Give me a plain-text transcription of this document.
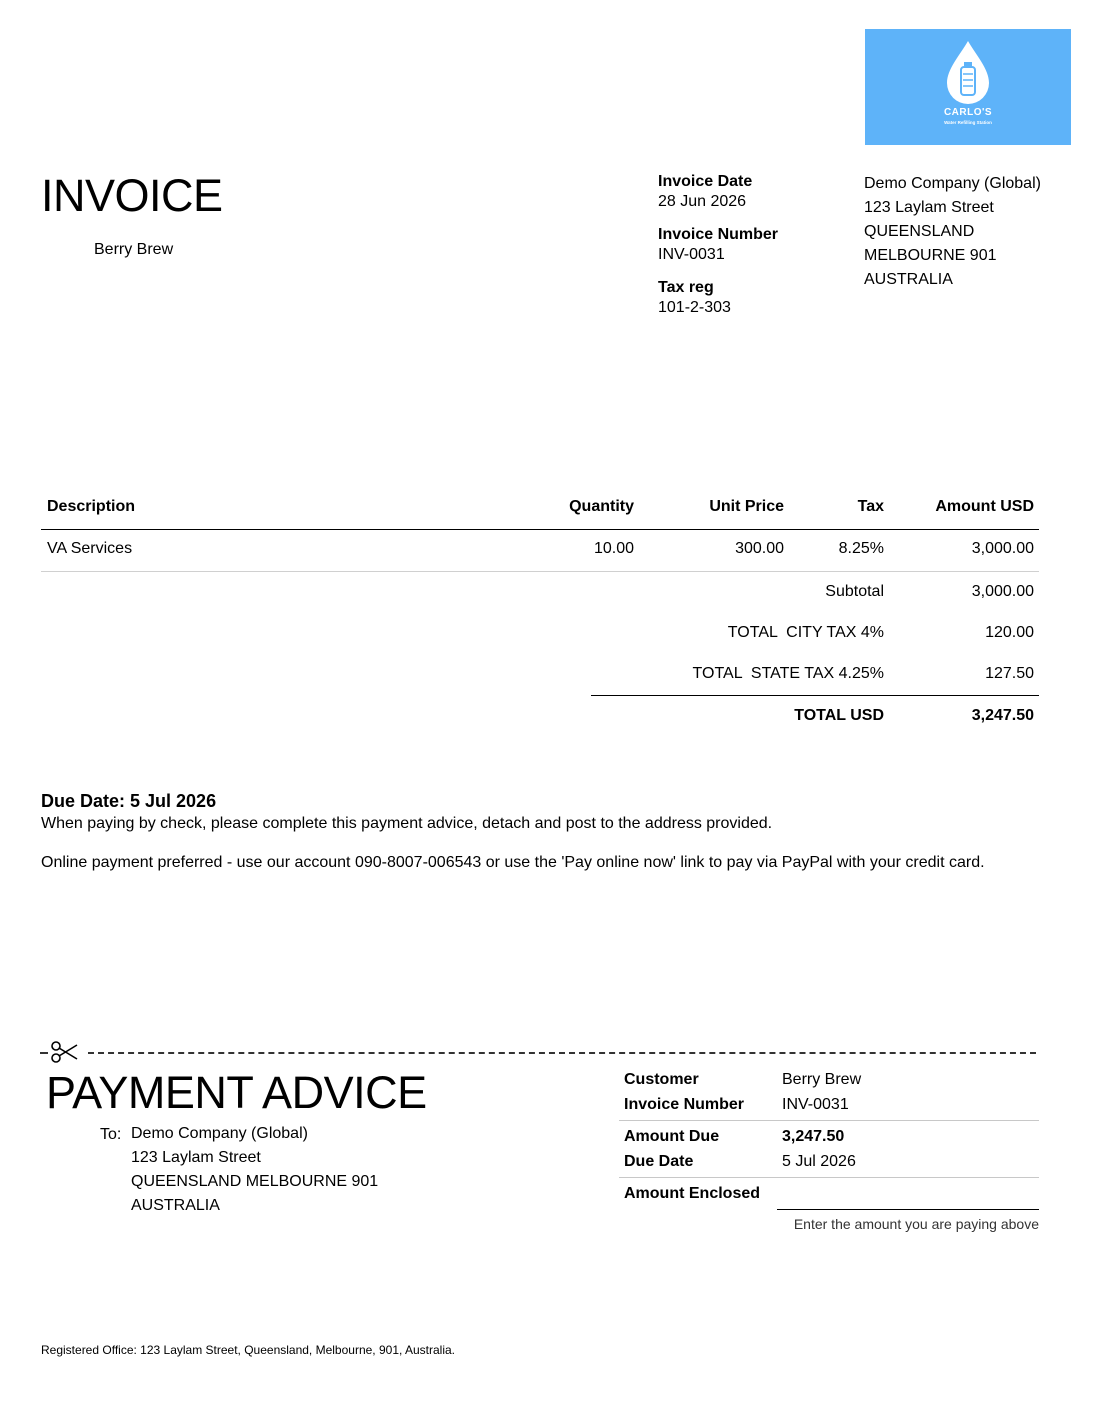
CARLO'S
Water Refilling Station
INVOICE
Berry Brew
Invoice Date
28 Jun 2026
Invoice Number
INV-0031
Tax reg
101-2-303
Demo Company (Global)
123 Laylam Street
QUEENSLAND
MELBOURNE 901
AUSTRALIA
Description	Quantity	Unit Price	Tax	Amount USD
VA Services	10.00	300.00	8.25%	3,000.00
Subtotal	3,000.00
TOTAL  CITY TAX 4%	120.00
TOTAL  STATE TAX 4.25%	127.50
TOTAL USD	3,247.50
Due Date: 5 Jul 2026
When paying by check, please complete this payment advice, detach and post to the address provided.
Online payment preferred - use our account 090-8007-006543 or use the 'Pay online now' link to pay via PayPal with your credit card.
PAYMENT ADVICE
To: Demo Company (Global)
123 Laylam Street
QUEENSLAND MELBOURNE 901
AUSTRALIA
Customer	Berry Brew
Invoice Number INV-0031
Amount Due	3,247.50
Due Date	5 Jul 2026
Amount Enclosed
Enter the amount you are paying above
Registered Office: 123 Laylam Street, Queensland, Melbourne, 901, Australia.
